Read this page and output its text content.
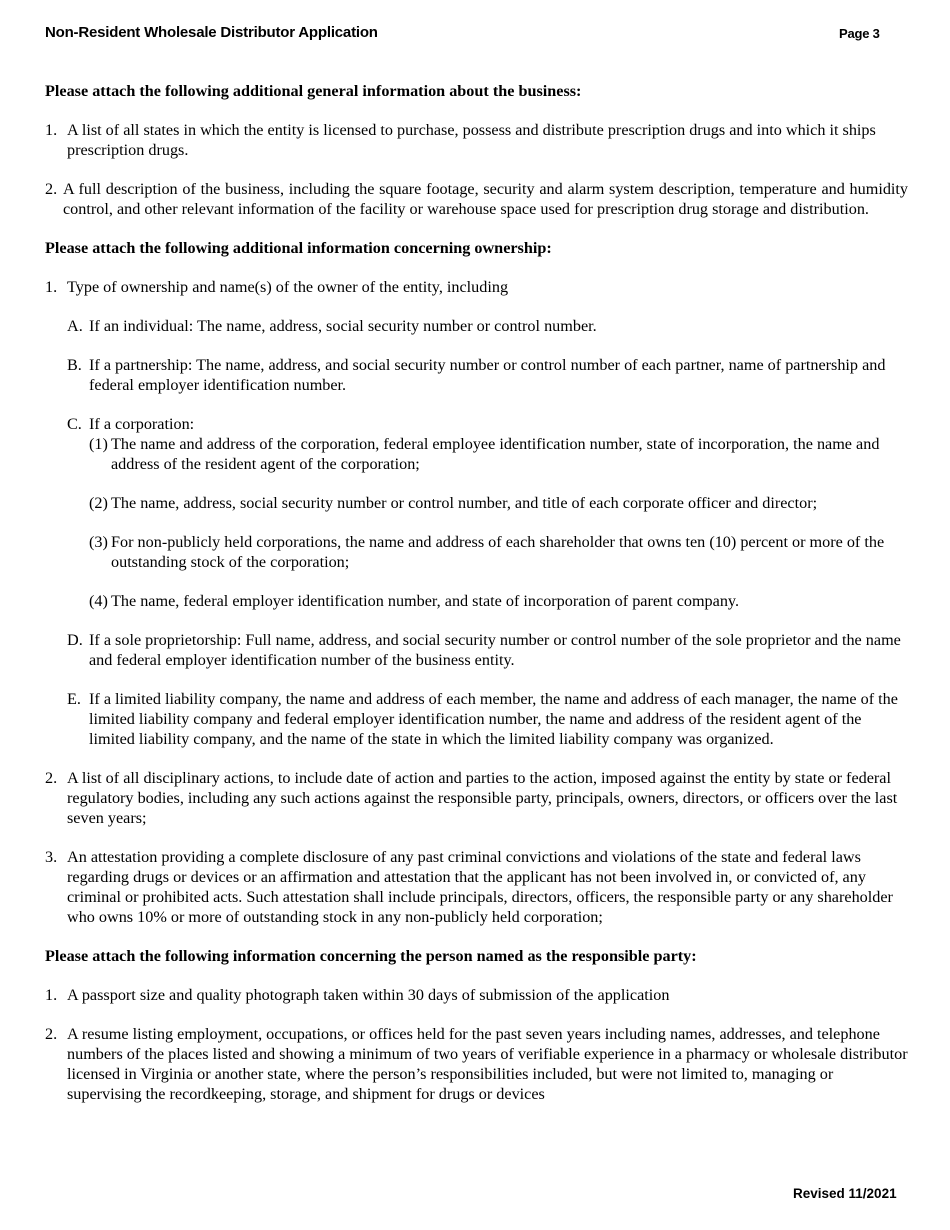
Non-Resident Wholesale Distributor Application	Page 3
Please attach the following additional general information about the business:
1. A list of all states in which the entity is licensed to purchase, possess and distribute prescription drugs and into which it ships prescription drugs.
2. A full description of the business, including the square footage, security and alarm system description, temperature and humidity control, and other relevant information of the facility or warehouse space used for prescription drug storage and distribution.
Please attach the following additional information concerning ownership:
1. Type of ownership and name(s) of the owner of the entity, including
A. If an individual: The name, address, social security number or control number.
B. If a partnership: The name, address, and social security number or control number of each partner, name of partnership and federal employer identification number.
C. If a corporation:
(1) The name and address of the corporation, federal employee identification number, state of incorporation, the name and address of the resident agent of the corporation;
(2) The name, address, social security number or control number, and title of each corporate officer and director;
(3) For non-publicly held corporations, the name and address of each shareholder that owns ten (10) percent or more of the outstanding stock of the corporation;
(4) The name, federal employer identification number, and state of incorporation of parent company.
D. If a sole proprietorship: Full name, address, and social security number or control number of the sole proprietor and the name and federal employer identification number of the business entity.
E. If a limited liability company, the name and address of each member, the name and address of each manager, the name of the limited liability company and federal employer identification number, the name and address of the resident agent of the limited liability company, and the name of the state in which the limited liability company was organized.
2. A list of all disciplinary actions, to include date of action and parties to the action, imposed against the entity by state or federal regulatory bodies, including any such actions against the responsible party, principals, owners, directors, or officers over the last seven years;
3. An attestation providing a complete disclosure of any past criminal convictions and violations of the state and federal laws regarding drugs or devices or an affirmation and attestation that the applicant has not been involved in, or convicted of, any criminal or prohibited acts. Such attestation shall include principals, directors, officers, the responsible party or any shareholder who owns 10% or more of outstanding stock in any non-publicly held corporation;
Please attach the following information concerning the person named as the responsible party:
1. A passport size and quality photograph taken within 30 days of submission of the application
2. A resume listing employment, occupations, or offices held for the past seven years including names, addresses, and telephone numbers of the places listed and showing a minimum of two years of verifiable experience in a pharmacy or wholesale distributor licensed in Virginia or another state, where the person’s responsibilities included, but were not limited to, managing or supervising the recordkeeping, storage, and shipment for drugs or devices
Revised 11/2021
